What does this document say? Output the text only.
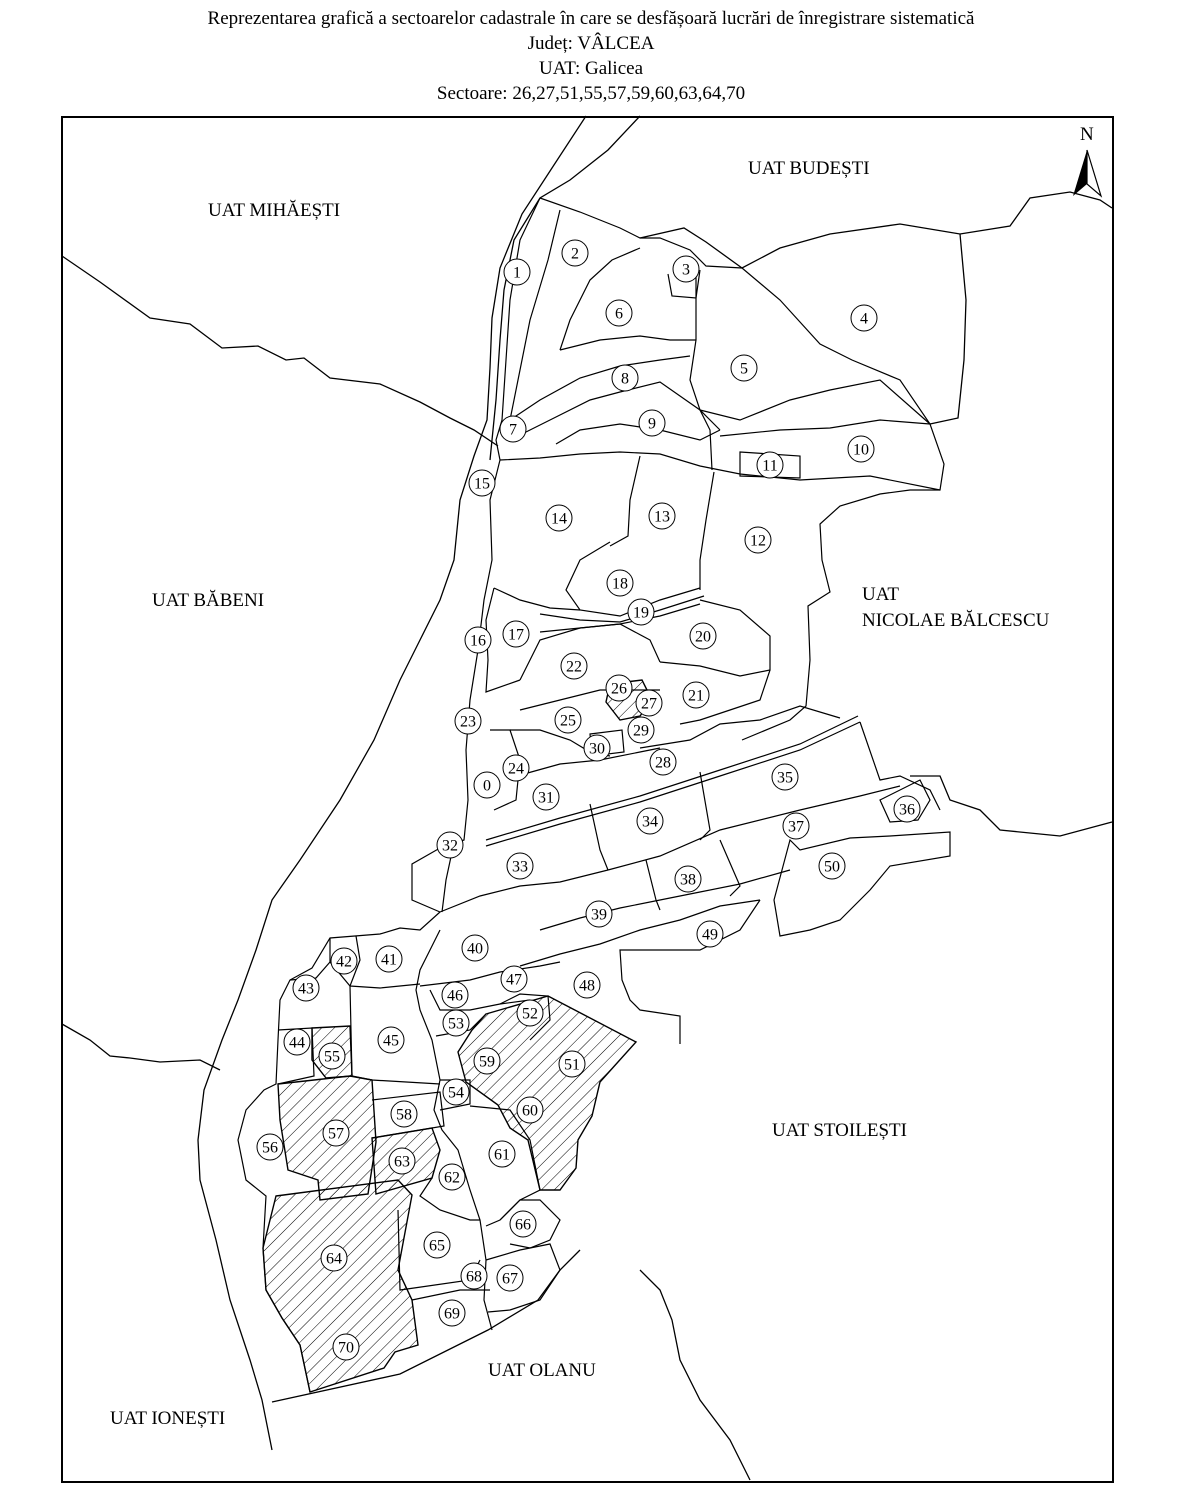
Reprezentarea grafică a sectoarelor cadastrale în care se desfășoară lucrări de înregistrare sistematică
Județ: VÂLCEA
UAT: Galicea
Sectoare: 26,27,51,55,57,59,60,63,64,70
N
UAT BUDEȘTI
UAT MIHĂEȘTI
UAT BĂBENI	UAT
NICOLAE BĂLCESCU
UAT STOILEȘTI
UAT OLANU
UAT IONEȘTI
0
1
2
3
4
5
6
7
8
9
10
11
12
13
14
15
16 17
18
19
20
21
22
23
24
25
26
27
28
29
30
31
32
33
34
35
36
37
38
39
40
41
42
43
44	45
46
47	48
49
50
51
52
53
54
55
56
57
58
59
60
61
62
63
64
65
66
67
68
69
70
